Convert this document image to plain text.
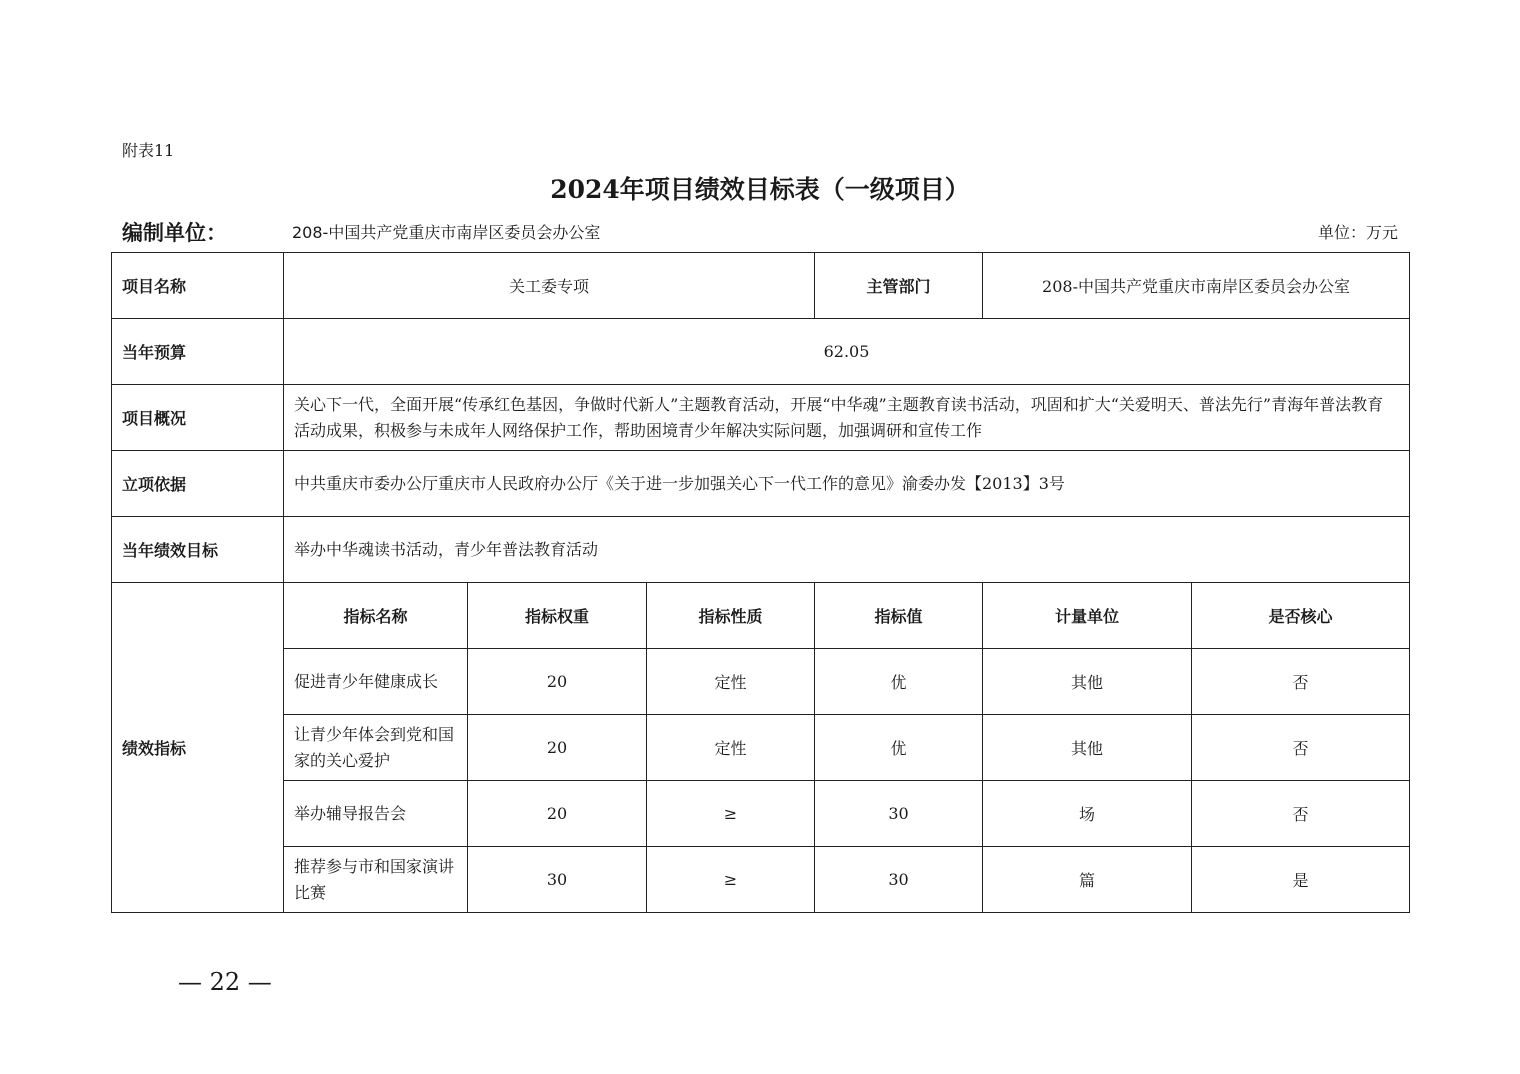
附表11
2024年项目绩效目标表（一级项目）
编制单位：	208-中国共产党重庆市南岸区委员会办公室	单位：万元
项目名称	关工委专项			主管部门	208-中国共产党重庆市南岸区委员会办公室	
当年预算	62.05					
项目概况	关心下一代，全面开展“传承红色基因，争做时代新人”主题教育活动，开展“中华魂”主题教育读书活动，巩固和扩大“关爱明天、普法先行”青海年普法教育活动成果，积极参与未成年人网络保护工作，帮助困境青少年解决实际问题，加强调研和宣传工作					
立项依据	中共重庆市委办公厅重庆市人民政府办公厅《关于进一步加强关心下一代工作的意见》渝委办发【2013】3号					
当年绩效目标	举办中华魂读书活动，青少年普法教育活动					
绩效指标	指标名称	指标权重	指标性质	指标值	计量单位	是否核心
	促进青少年健康成长	20	定性	优	其他	否
	让青少年体会到党和国家的关心爱护	20	定性	优	其他	否
	举办辅导报告会	20	≥	30	场	否
	推荐参与市和国家演讲比赛	30	≥	30	篇	是
— 22 —
